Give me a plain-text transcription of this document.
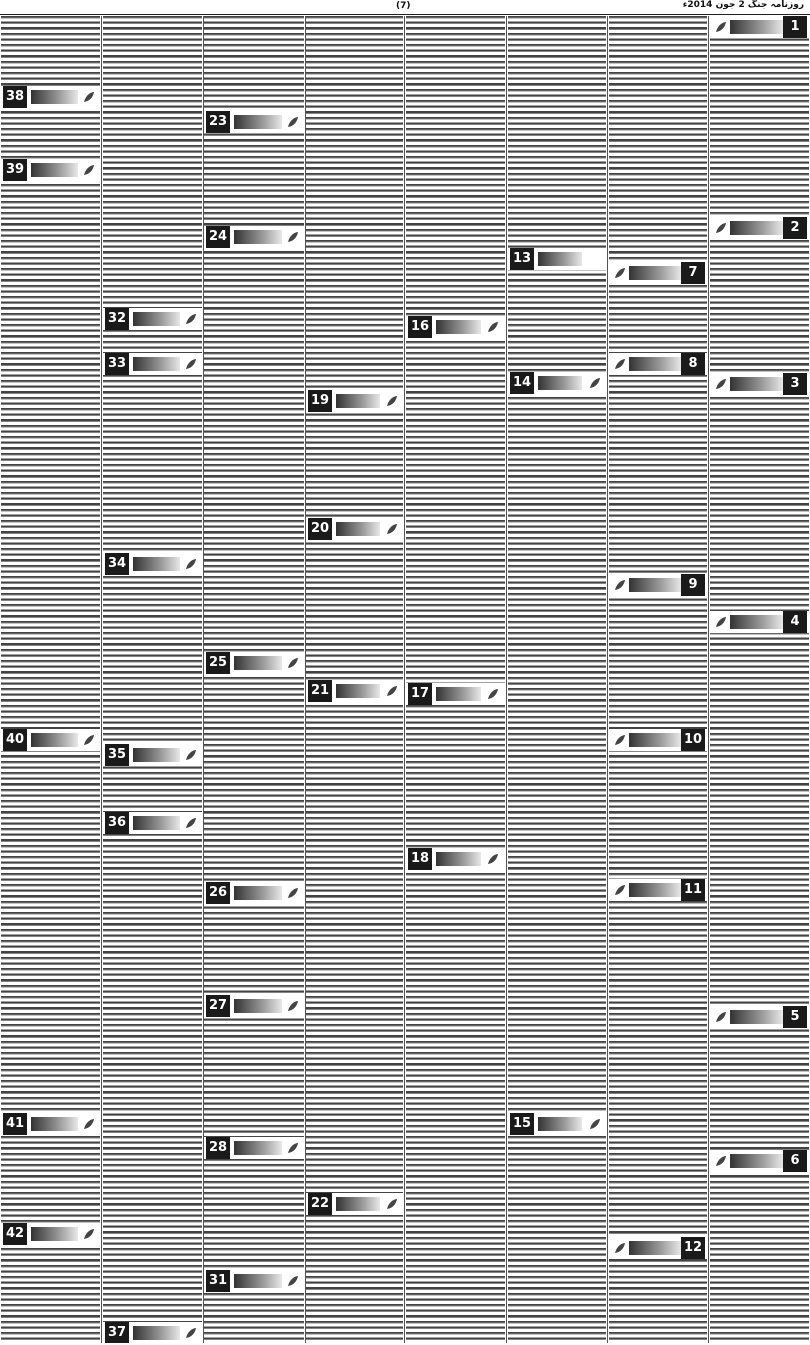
(7)	روزنامہ جنگ 2 جون 2014ء
1
2
3
4
5
6
7
8
9
10
11
12
13
14
15
16
17
18
19
20
21
22
23
24
25
26
27
28
31
32
33
34
35
36
37
38
39
40
41
42
